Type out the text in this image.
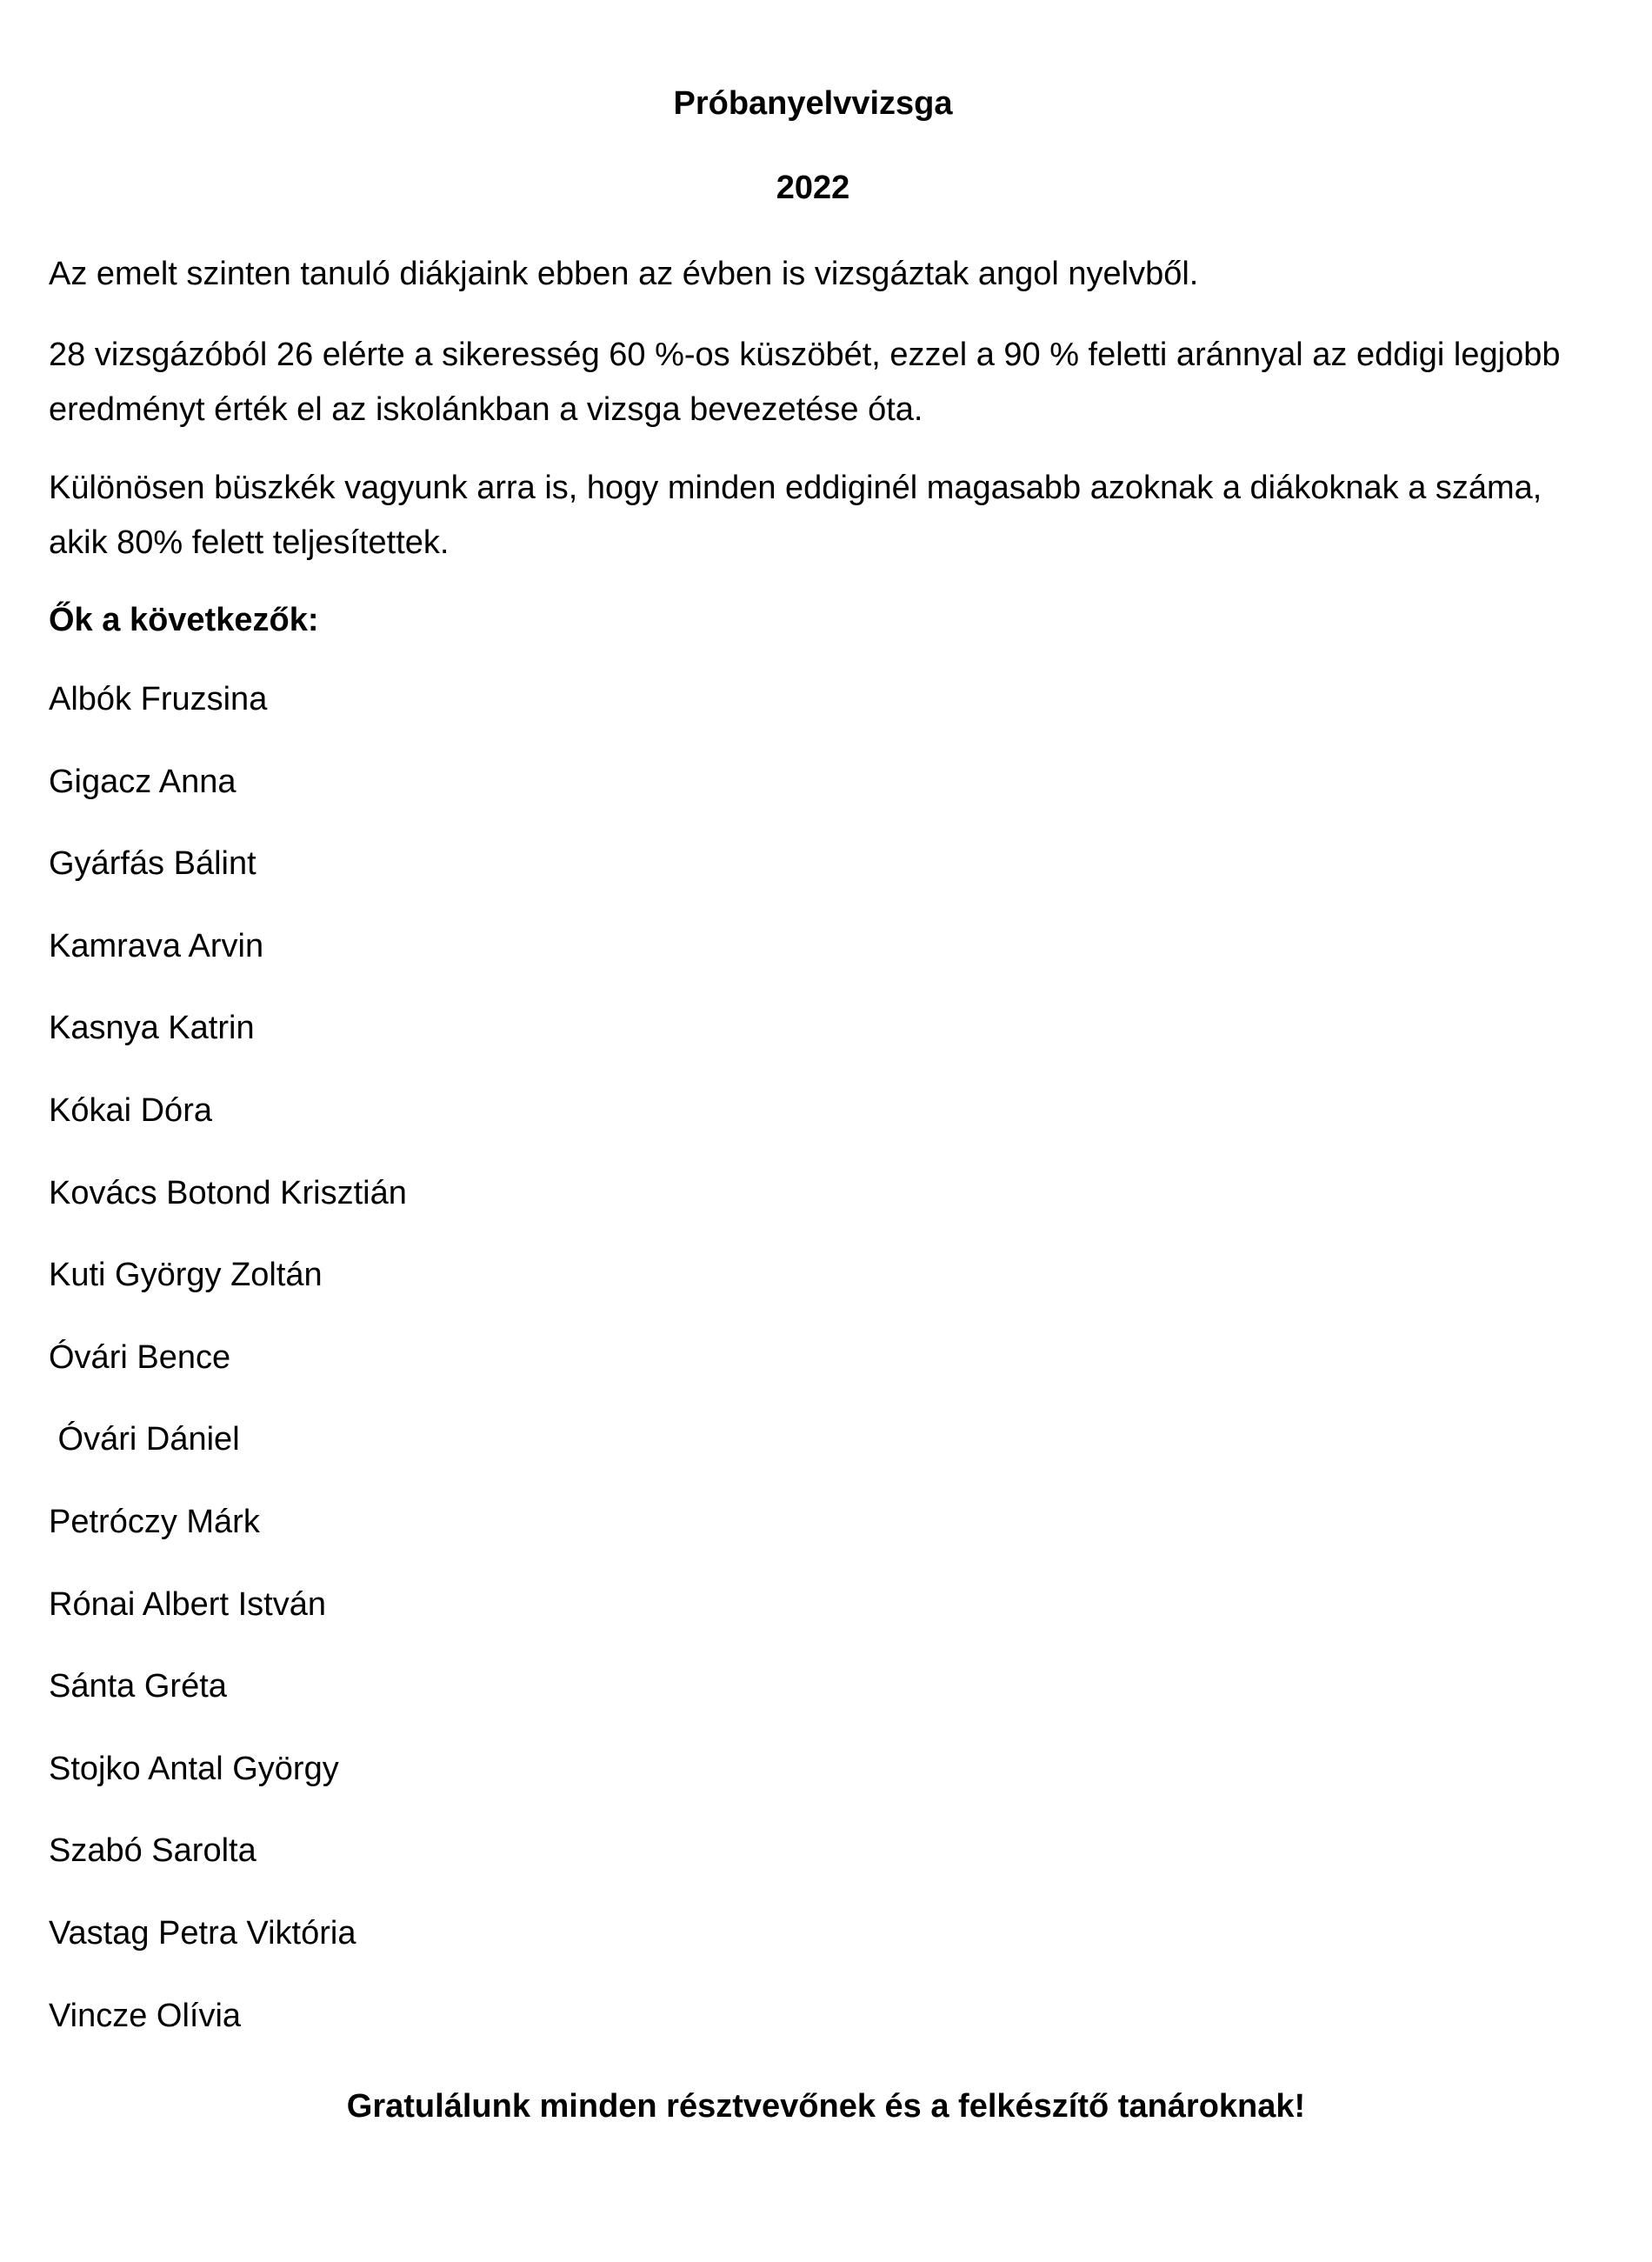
Próbanyelvvizsga
2022

Az emelt szinten tanuló diákjaink ebben az évben is vizsgáztak angol nyelvből.

28 vizsgázóból 26 elérte a sikeresség 60 %-os küszöbét, ezzel a 90 % feletti aránnyal az eddigi legjobb eredményt érték el az iskolánkban a vizsga bevezetése óta.

Különösen büszkék vagyunk arra is, hogy minden eddiginél magasabb azoknak a diákoknak a száma, akik 80% felett teljesítettek.

Ők a következők:

Albók Fruzsina
Gigacz Anna
Gyárfás Bálint
Kamrava Arvin
Kasnya Katrin
Kókai Dóra
Kovács Botond Krisztián
Kuti György Zoltán
Óvári Bence
Óvári Dániel
Petróczy Márk
Rónai Albert István
Sánta Gréta
Stojko Antal György
Szabó Sarolta
Vastag Petra Viktória
Vincze Olívia

Gratulálunk minden résztvevőnek és a felkészítő tanároknak!
